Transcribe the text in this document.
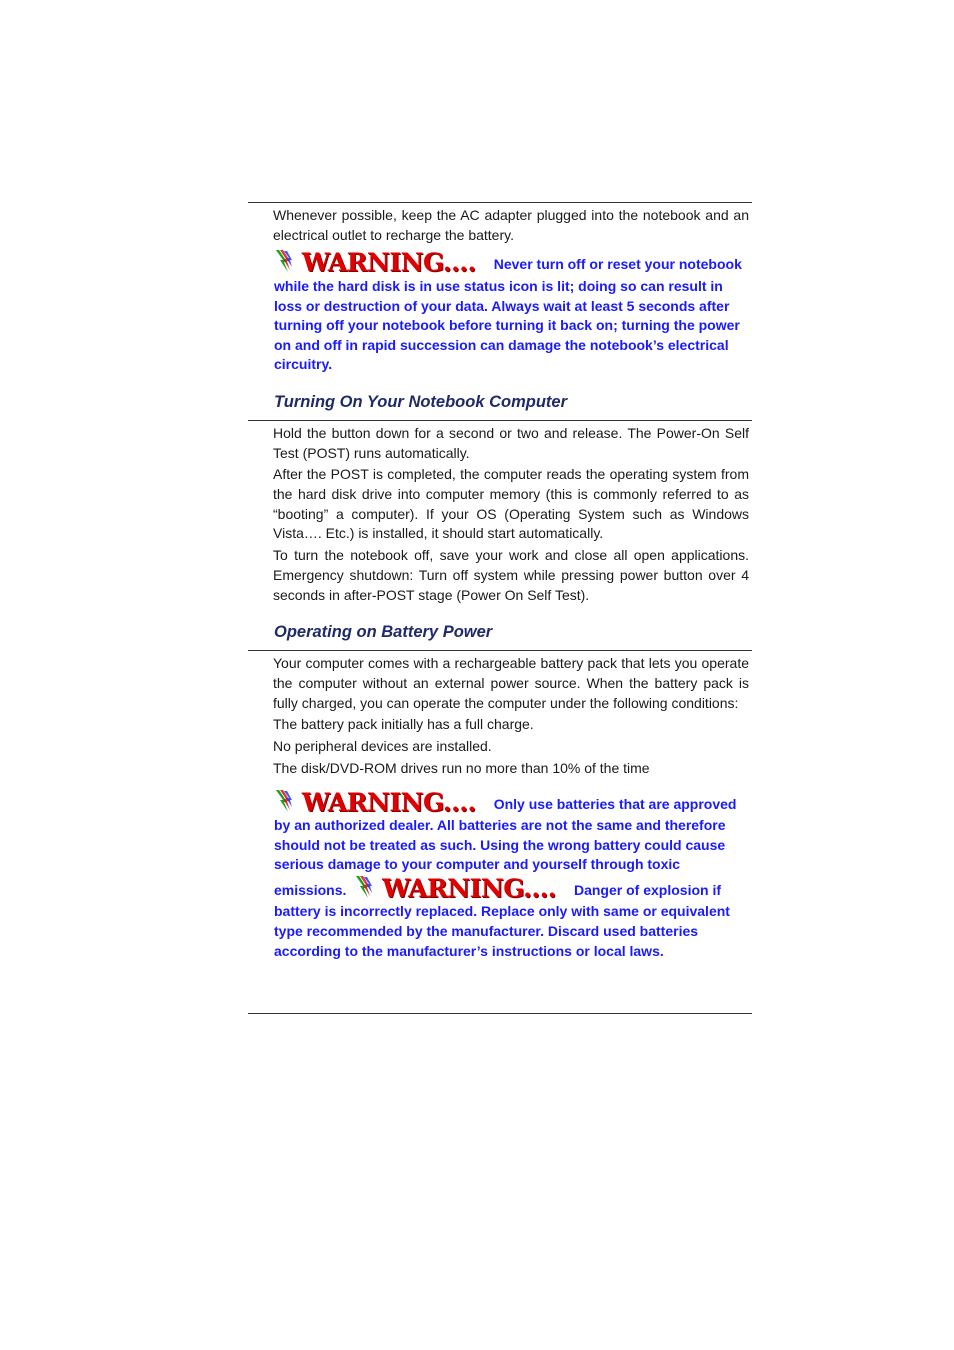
Whenever possible, keep the AC adapter plugged into the notebook and an electrical outlet to recharge the battery.

WARNING.... Never turn off or reset your notebook while the hard disk is in use status icon is lit; doing so can result in loss or destruction of your data. Always wait at least 5 seconds after turning off your notebook before turning it back on; turning the power on and off in rapid succession can damage the notebook’s electrical circuitry.
Turning On Your Notebook Computer

Hold the button down for a second or two and release. The Power-On Self Test (POST) runs automatically.

After the POST is completed, the computer reads the operating system from the hard disk drive into computer memory (this is commonly referred to as “booting” a computer). If your OS (Operating System such as Windows Vista…. Etc.) is installed, it should start automatically.

To turn the notebook off, save your work and close all open applications. Emergency shutdown: Turn off system while pressing power button over 4 seconds in after-POST stage (Power On Self Test).

Operating on Battery Power

Your computer comes with a rechargeable battery pack that lets you operate the computer without an external power source. When the battery pack is fully charged, you can operate the computer under the following conditions:

The battery pack initially has a full charge.

No peripheral devices are installed.

The disk/DVD-ROM drives run no more than 10% of the time

WARNING.... Only use batteries that are approved by an authorized dealer. All batteries are not the same and therefore should not be treated as such. Using the wrong battery could cause serious damage to your computer and yourself through toxic emissions. WARNING.... Danger of explosion if battery is incorrectly replaced. Replace only with same or equivalent type recommended by the manufacturer. Discard used batteries according to the manufacturer’s instructions or local laws.
